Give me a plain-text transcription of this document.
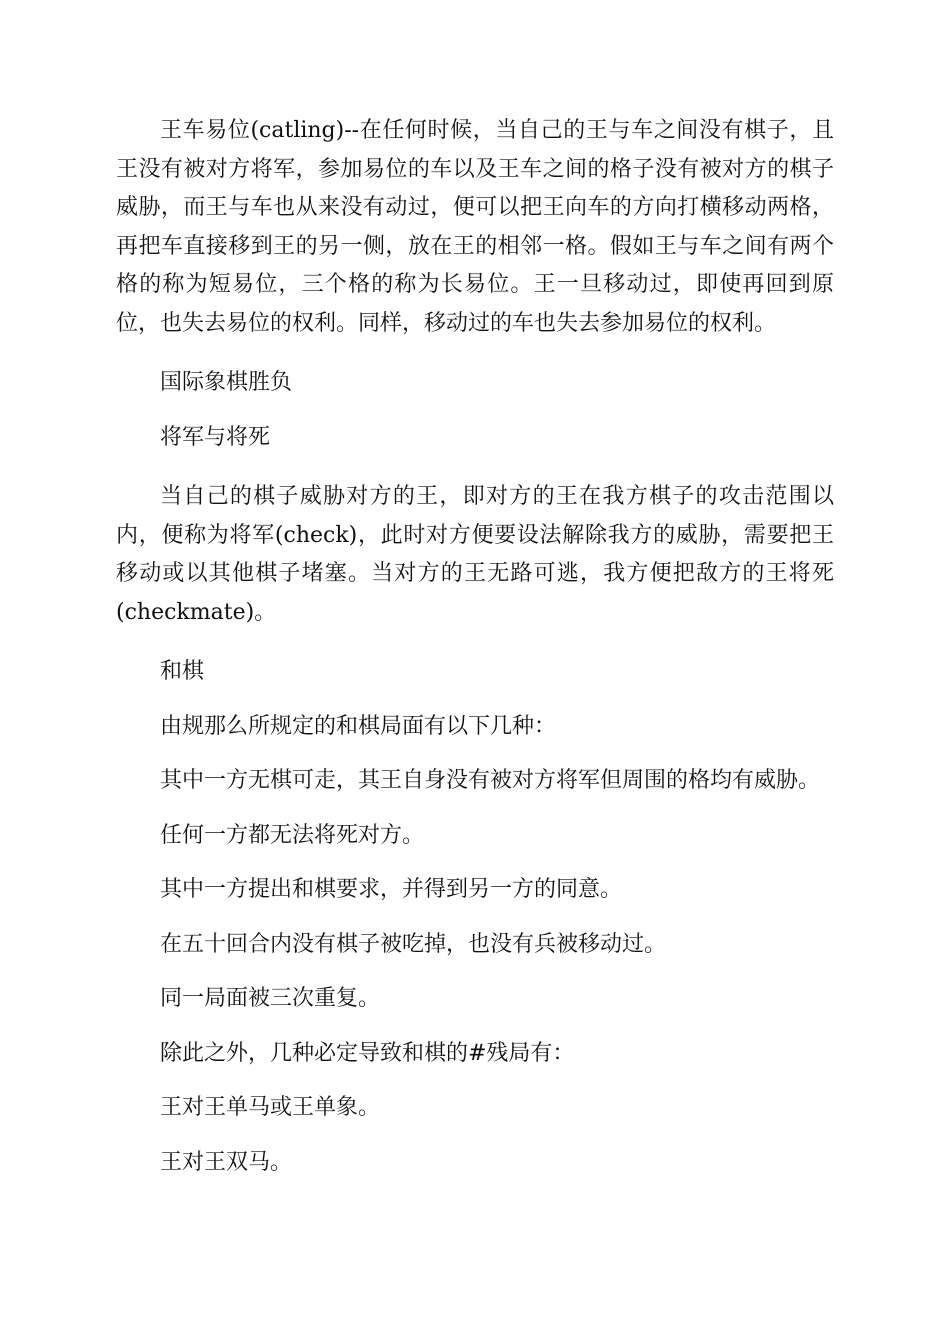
王车易位(catling)--在任何时候，当自己的王与车之间没有棋子，且王没有被对方将军，参加易位的车以及王车之间的格子没有被对方的棋子威胁，而王与车也从来没有动过，便可以把王向车的方向打横移动两格，再把车直接移到王的另一侧，放在王的相邻一格。假如王与车之间有两个格的称为短易位，三个格的称为长易位。王一旦移动过，即使再回到原位，也失去易位的权利。同样，移动过的车也失去参加易位的权利。

国际象棋胜负

将军与将死

当自己的棋子威胁对方的王，即对方的王在我方棋子的攻击范围以内，便称为将军(check)，此时对方便要设法解除我方的威胁，需要把王移动或以其他棋子堵塞。当对方的王无路可逃，我方便把敌方的王将死(checkmate)。

和棋

由规那么所规定的和棋局面有以下几种：

其中一方无棋可走，其王自身没有被对方将军但周围的格均有威胁。

任何一方都无法将死对方。

其中一方提出和棋要求，并得到另一方的同意。

在五十回合内没有棋子被吃掉，也没有兵被移动过。

同一局面被三次重复。

除此之外，几种必定导致和棋的#残局有：

王对王单马或王单象。

王对王双马。
